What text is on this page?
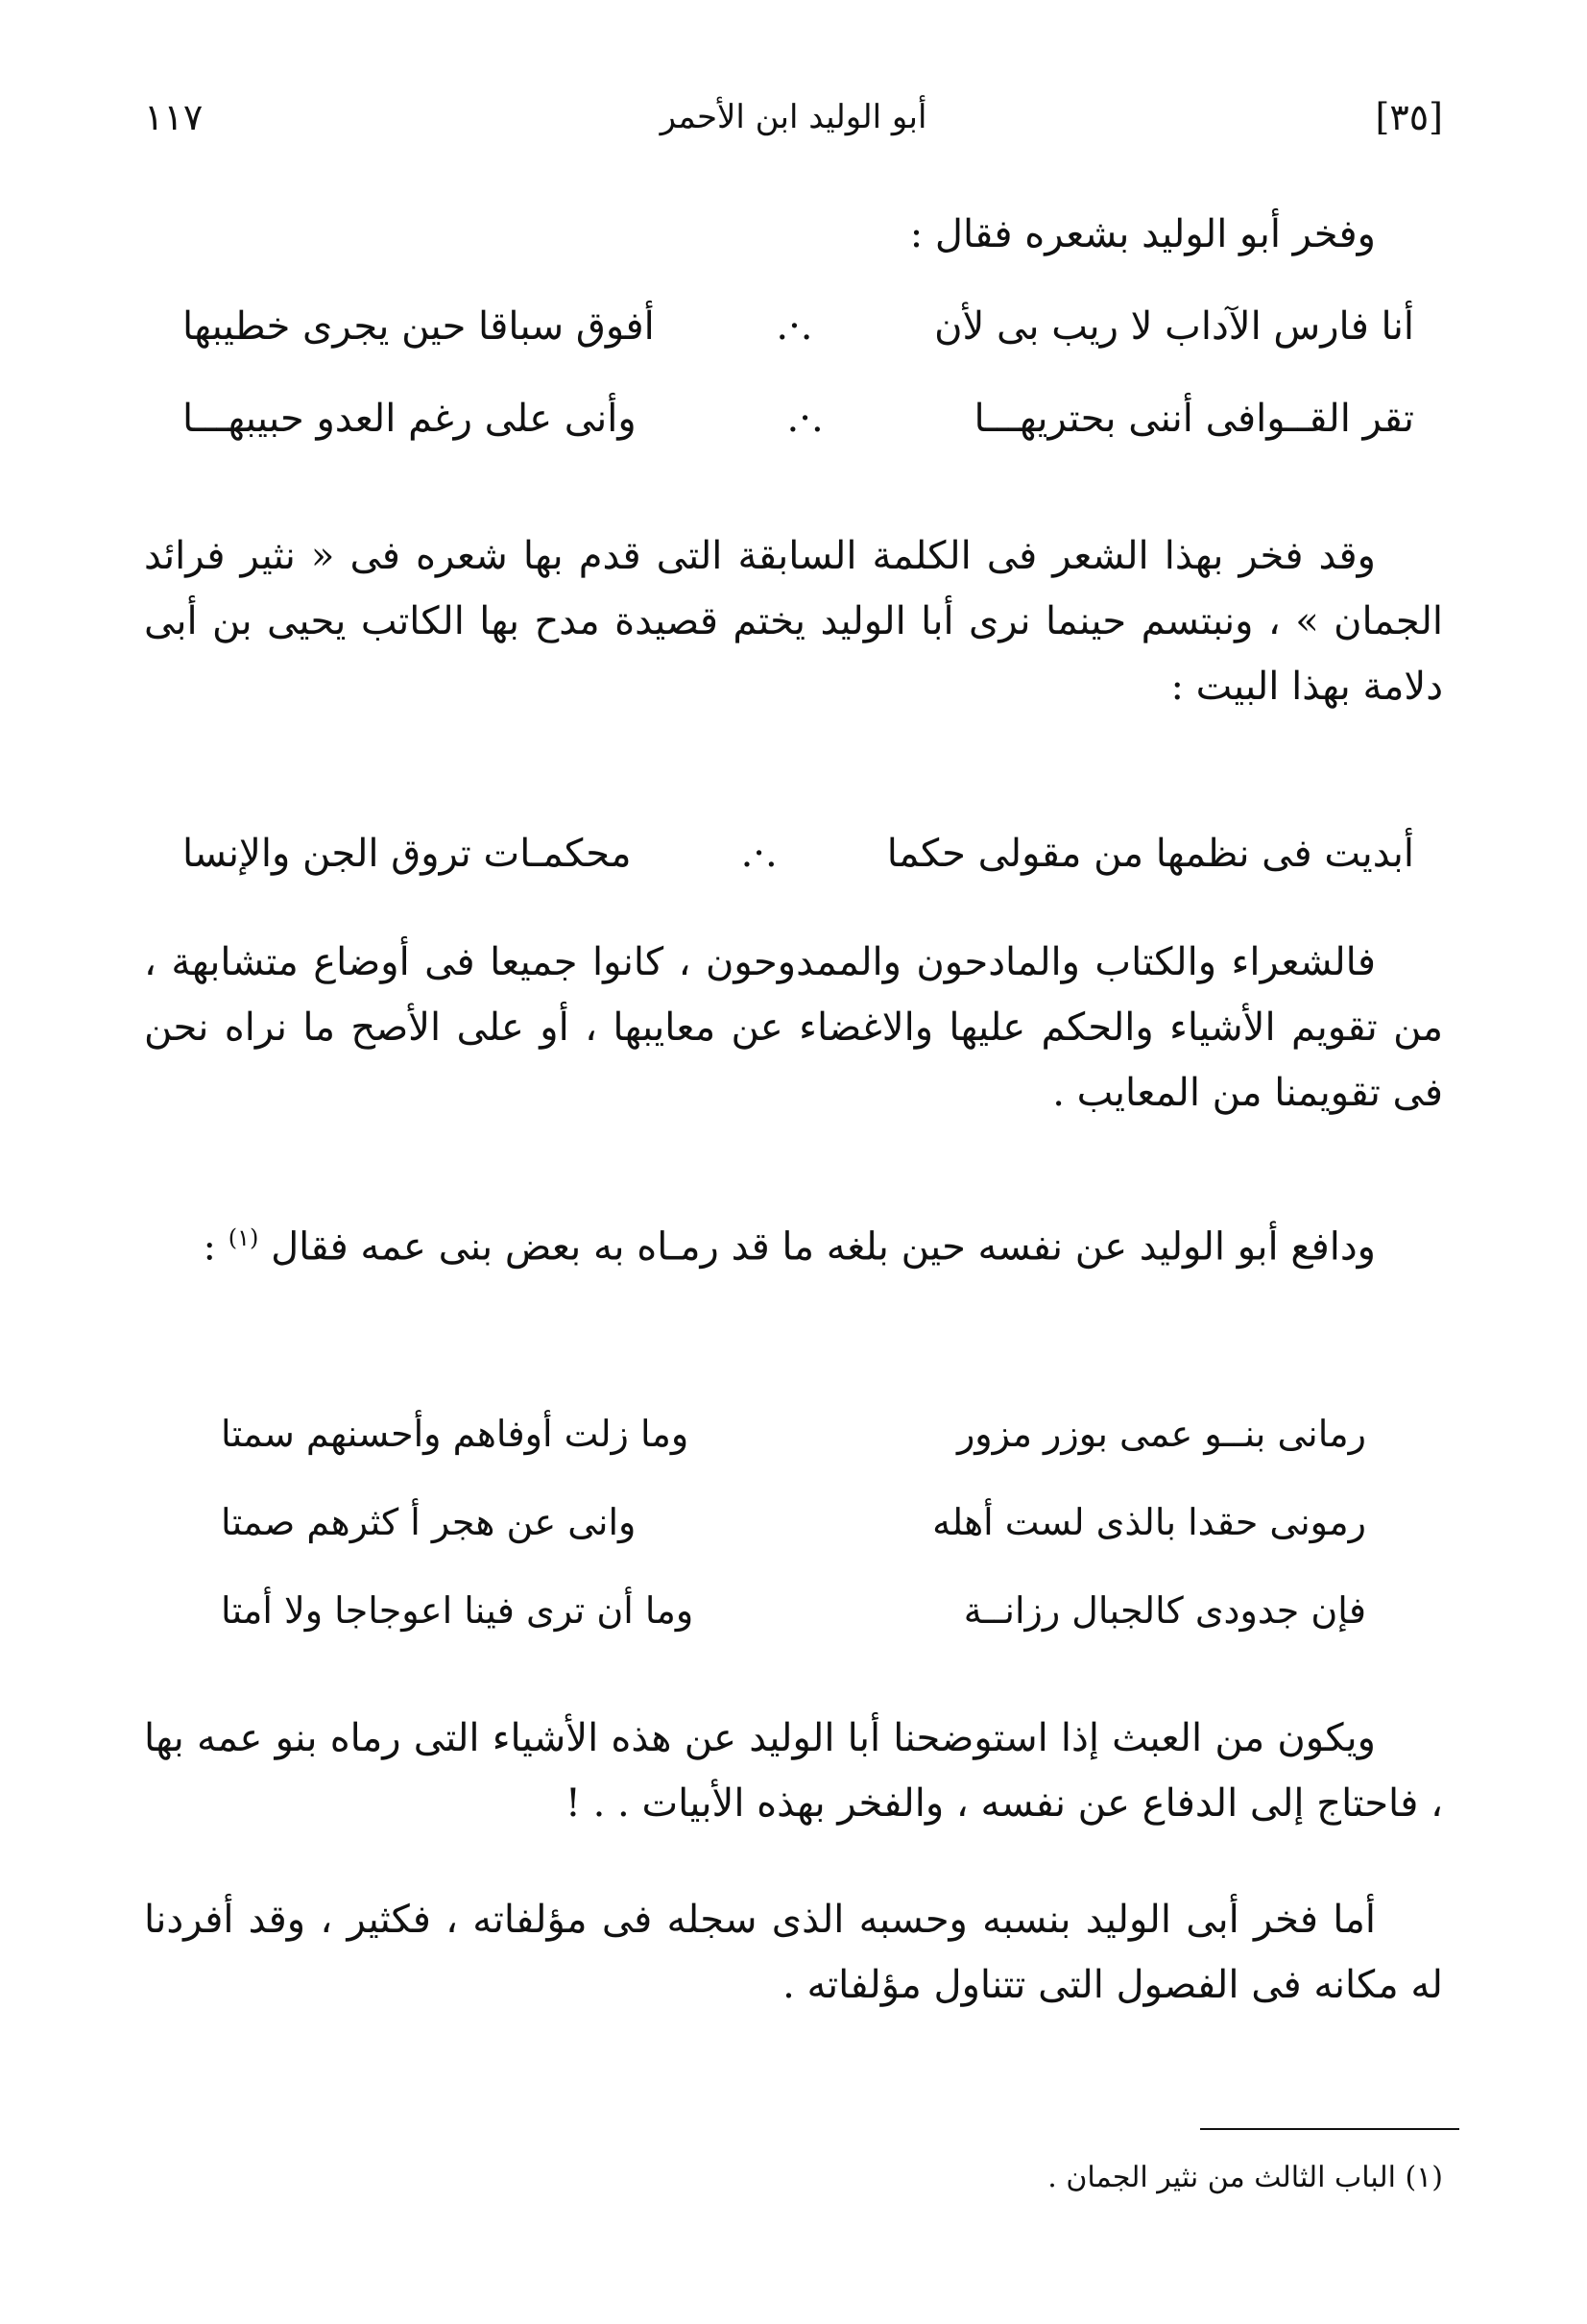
[٣٥]
أبو الوليد ابن الأحمر
١١٧
وفخر أبو الوليد بشعره فقال :
أنا فارس الآداب لا ريب بى لأن
.·.
أفوق سباقا حين يجرى خطيبها
تقر القــوافى أننى بحتريهـــا
.·.
وأنى على رغم العدو حبيبهـــا
وقد فخر بهذا الشعر فى الكلمة السابقة التى قدم بها شعره فى « نثير فرائد الجمان » ، ونبتسم حينما نرى أبا الوليد يختم قصيدة مدح بها الكاتب يحيى بن أبى دلامة بهذا البيت :
أبديت فى نظمها من مقولى حكما
.·.
محكمـات تروق الجن والإنسا
فالشعراء والكتاب والمادحون والممدوحون ، كانوا جميعا فى أوضاع متشابهة ، من تقويم الأشياء والحكم عليها والاغضاء عن معايبها ، أو على الأصح ما نراه نحن فى تقويمنا من المعايب .
ودافع أبو الوليد عن نفسه حين بلغه ما قد رمـاه به بعض بنى عمه فقال $^{(١)}$ :
رمانى بنــو عمى بوزر مزور
وما زلت أوفاهم وأحسنهم سمتا
رمونى حقدا بالذى لست أهله
وانى عن هجر أ كثرهم صمتا
فإن جدودى كالجبال رزانــة
وما أن ترى فينا اعوجاجا ولا أمتا
ويكون من العبث إذا استوضحنا أبا الوليد عن هذه الأشياء التى رماه بنو عمه بها ، فاحتاج إلى الدفاع عن نفسه ، والفخر بهذه الأبيات . . !
أما فخر أبى الوليد بنسبه وحسبه الذى سجله فى مؤلفاته ، فكثير ، وقد أفردنا له مكانه فى الفصول التى تتناول مؤلفاته .
(١) الباب الثالث من نثير الجمان .
